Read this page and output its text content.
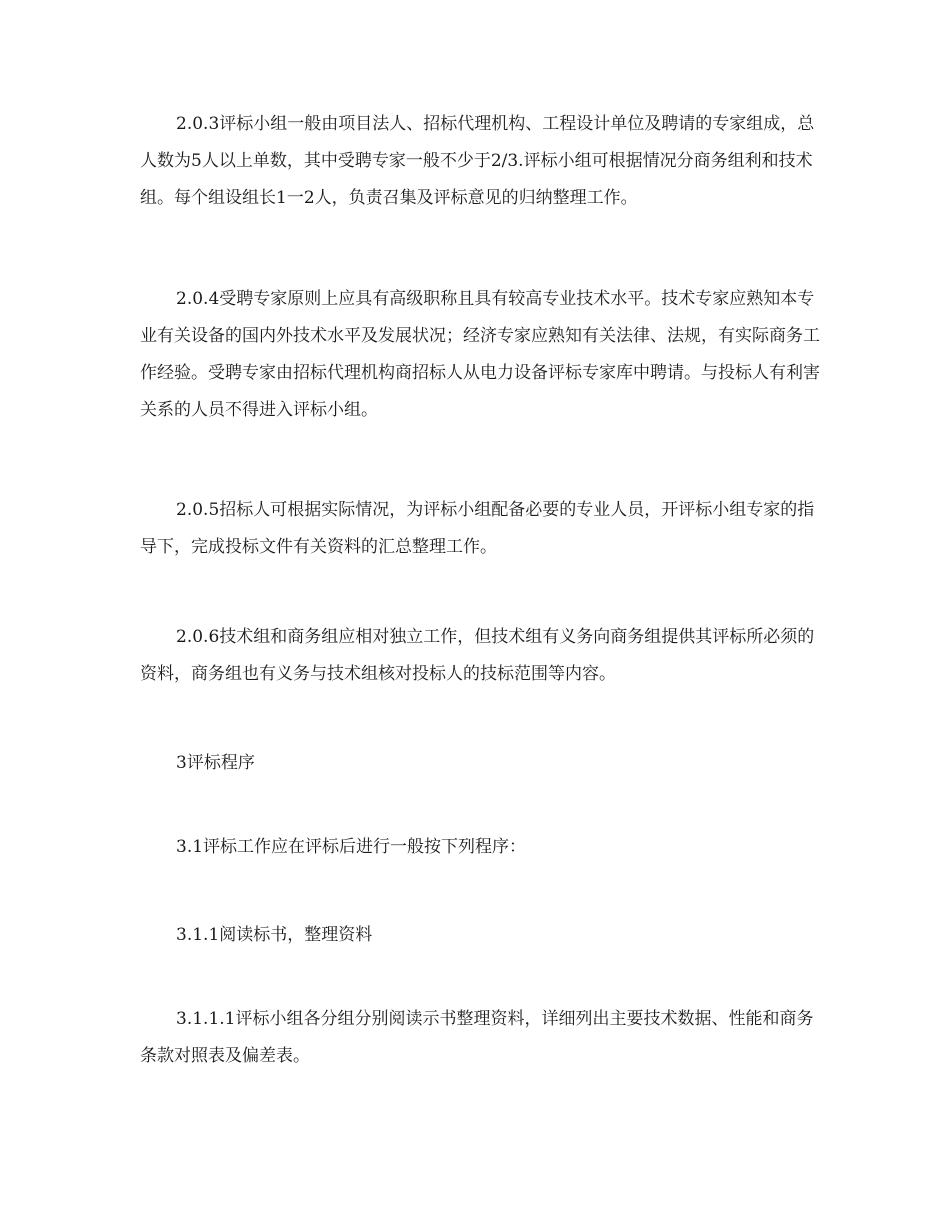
2.0.3评标小组一般由项目法人、招标代理机构、工程设计单位及聘请的专家组成，总人数为5人以上单数，其中受聘专家一般不少于2/3.评标小组可根据情况分商务组利和技术组。每个组设组长1一2人，负责召集及评标意见的归纳整理工作。

2.0.4受聘专家原则上应具有高级职称且具有较高专业技术水平。技术专家应熟知本专业有关设备的国内外技术水平及发展状况；经济专家应熟知有关法律、法规，有实际商务工作经验。受聘专家由招标代理机构商招标人从电力设备评标专家库中聘请。与投标人有利害关系的人员不得进入评标小组。

2.0.5招标人可根据实际情况，为评标小组配备必要的专业人员，开评标小组专家的指导下，完成投标文件有关资料的汇总整理工作。

2.0.6技术组和商务组应相对独立工作，但技术组有义务向商务组提供其评标所必须的资料，商务组也有义务与技术组核对投标人的技标范围等内容。

3评标程序

3.1评标工作应在评标后进行一般按下列程序：

3.1.1阅读标书，整理资料

3.1.1.1评标小组各分组分别阅读示书整理资料，详细列出主要技术数据、性能和商务条款对照表及偏差表。
